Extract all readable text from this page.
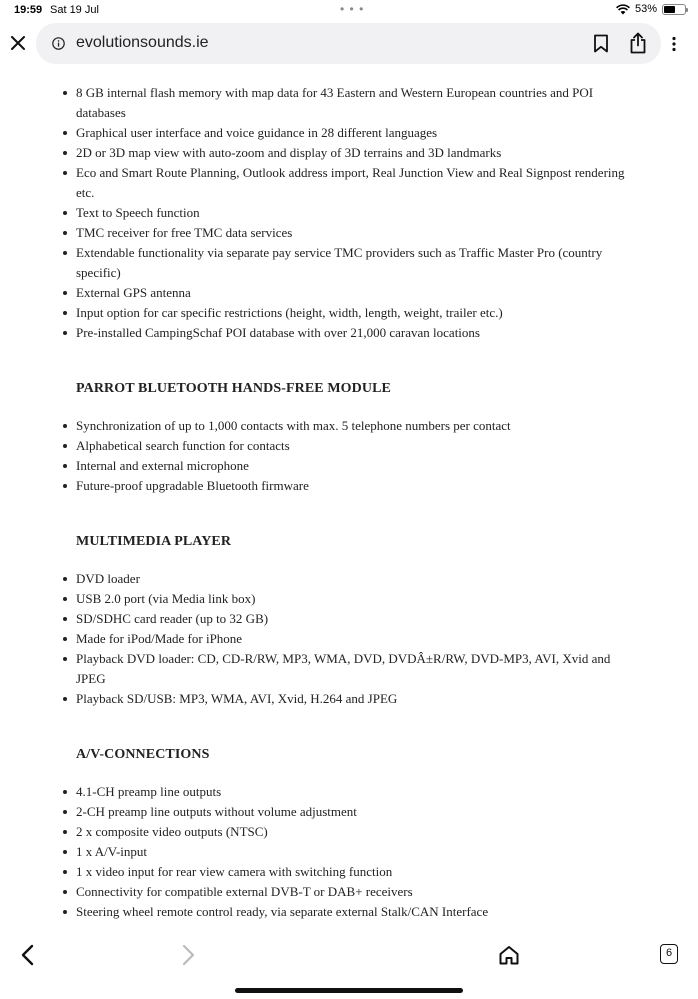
19:59 Sat 19 Jul	• • •	53%
evolutionsounds.ie
8 GB internal flash memory with map data for 43 Eastern and Western European countries and POI databases
Graphical user interface and voice guidance in 28 different languages
2D or 3D map view with auto-zoom and display of 3D terrains and 3D landmarks
Eco and Smart Route Planning, Outlook address import, Real Junction View and Real Signpost rendering etc.
Text to Speech function
TMC receiver for free TMC data services
Extendable functionality via separate pay service TMC providers such as Traffic Master Pro (country specific)
External GPS antenna
Input option for car specific restrictions (height, width, length, weight, trailer etc.)
Pre-installed CampingSchaf POI database with over 21,000 caravan locations
PARROT BLUETOOTH HANDS-FREE MODULE
Synchronization of up to 1,000 contacts with max. 5 telephone numbers per contact
Alphabetical search function for contacts
Internal and external microphone
Future-proof upgradable Bluetooth firmware
MULTIMEDIA PLAYER
DVD loader
USB 2.0 port (via Media link box)
SD/SDHC card reader (up to 32 GB)
Made for iPod/Made for iPhone
Playback DVD loader: CD, CD-R/RW, MP3, WMA, DVD, DVDÂ±R/RW, DVD-MP3, AVI, Xvid and JPEG
Playback SD/USB: MP3, WMA, AVI, Xvid, H.264 and JPEG
A/V-CONNECTIONS
4.1-CH preamp line outputs
2-CH preamp line outputs without volume adjustment
2 x composite video outputs (NTSC)
1 x A/V-input
1 x video input for rear view camera with switching function
Connectivity for compatible external DVB-T or DAB+ receivers
Steering wheel remote control ready, via separate external Stalk/CAN Interface
6
